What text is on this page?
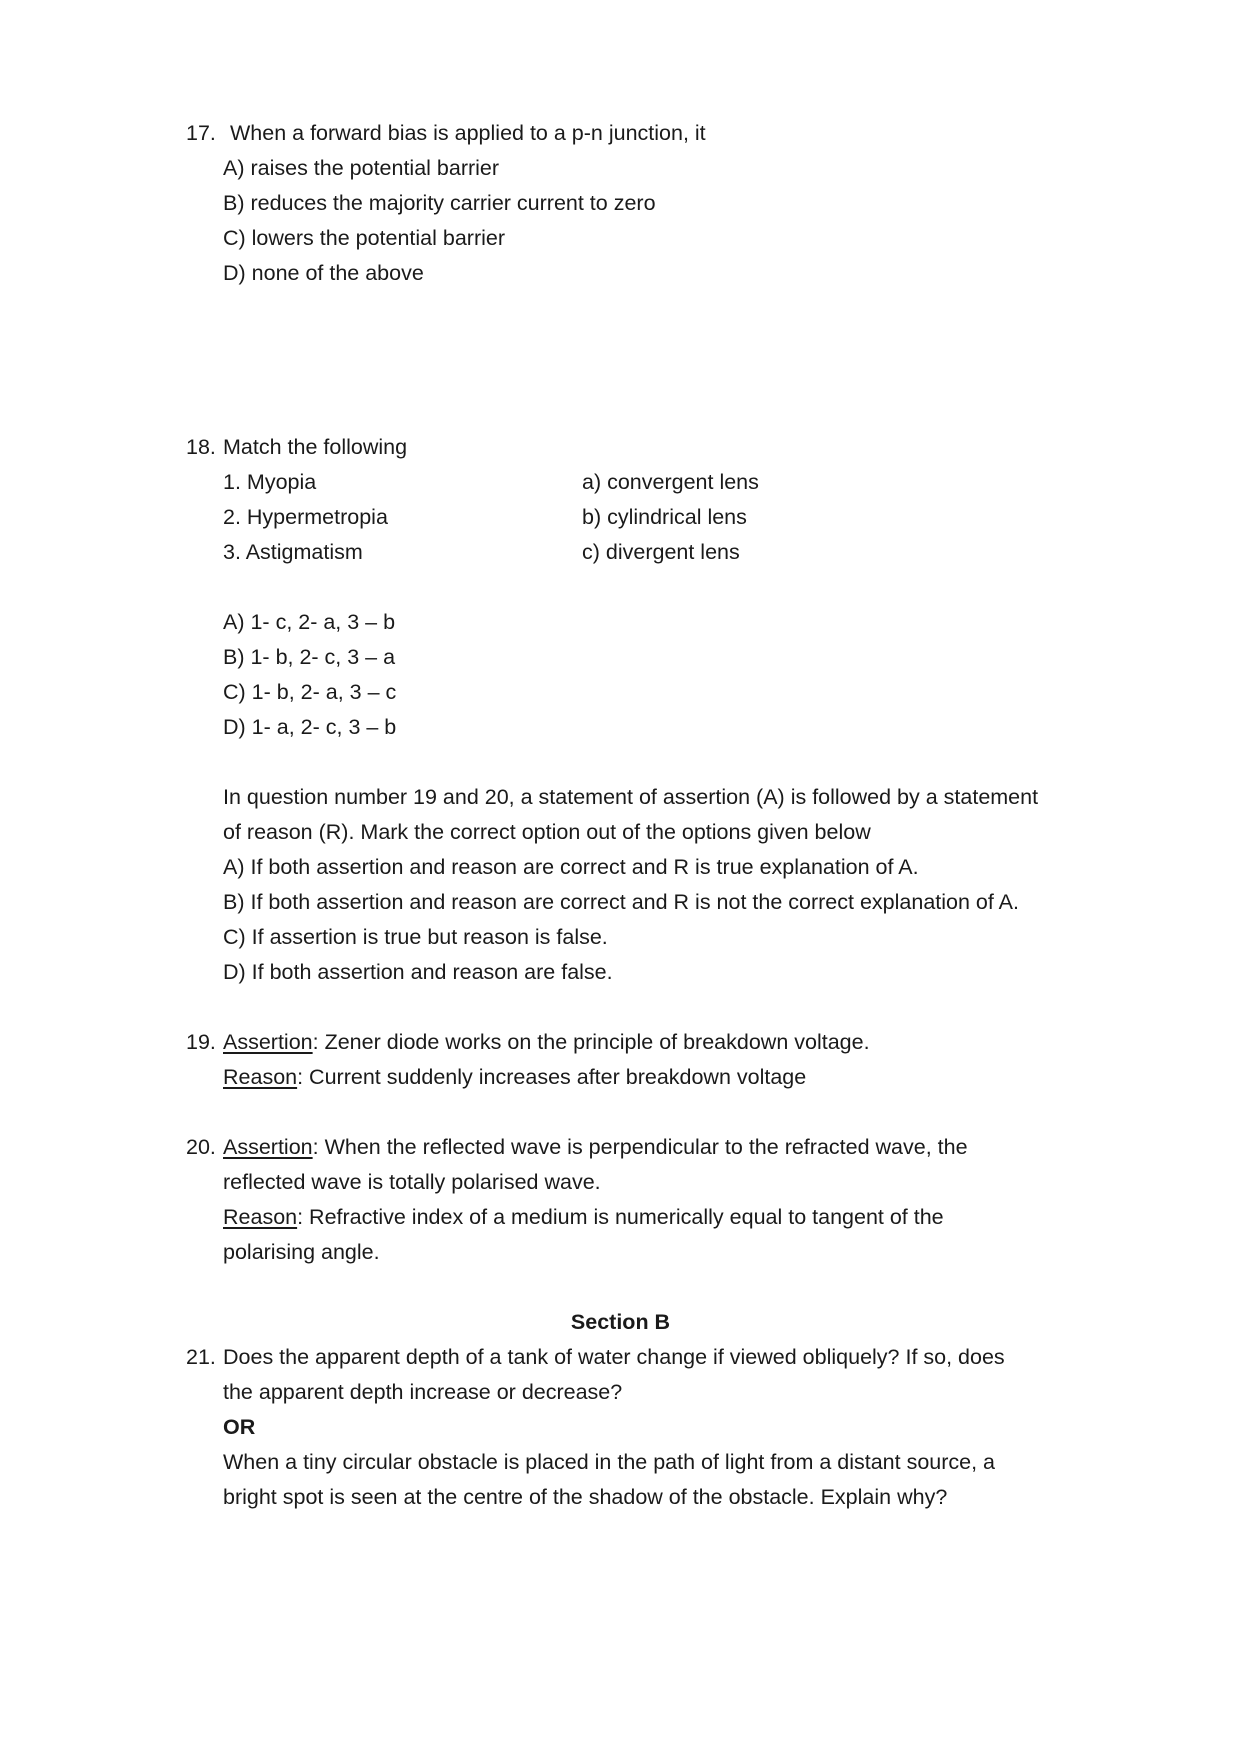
17. When a forward bias is applied to a p-n junction, it
A) raises the potential barrier
B) reduces the majority carrier current to zero
C) lowers the potential barrier
D) none of the above
18. Match the following
1. Myopia
2. Hypermetropia
3. Astigmatism
a) convergent lens
b) cylindrical lens
c) divergent lens
A) 1- c, 2- a, 3 – b
B) 1- b, 2- c, 3 – a
C) 1- b, 2- a, 3 – c
D) 1- a, 2- c, 3 – b
In question number 19 and 20, a statement of assertion (A) is followed by a statement
of reason (R). Mark the correct option out of the options given below
A) If both assertion and reason are correct and R is true explanation of A.
B) If both assertion and reason are correct and R is not the correct explanation of A.
C) If assertion is true but reason is false.
D) If both assertion and reason are false.
19. Assertion: Zener diode works on the principle of breakdown voltage.
Reason: Current suddenly increases after breakdown voltage
20. Assertion: When the reflected wave is perpendicular to the refracted wave, the
reflected wave is totally polarised wave.
Reason: Refractive index of a medium is numerically equal to tangent of the
polarising angle.
Section B
21. Does the apparent depth of a tank of water change if viewed obliquely? If so, does
the apparent depth increase or decrease?
OR
When a tiny circular obstacle is placed in the path of light from a distant source, a
bright spot is seen at the centre of the shadow of the obstacle. Explain why?
